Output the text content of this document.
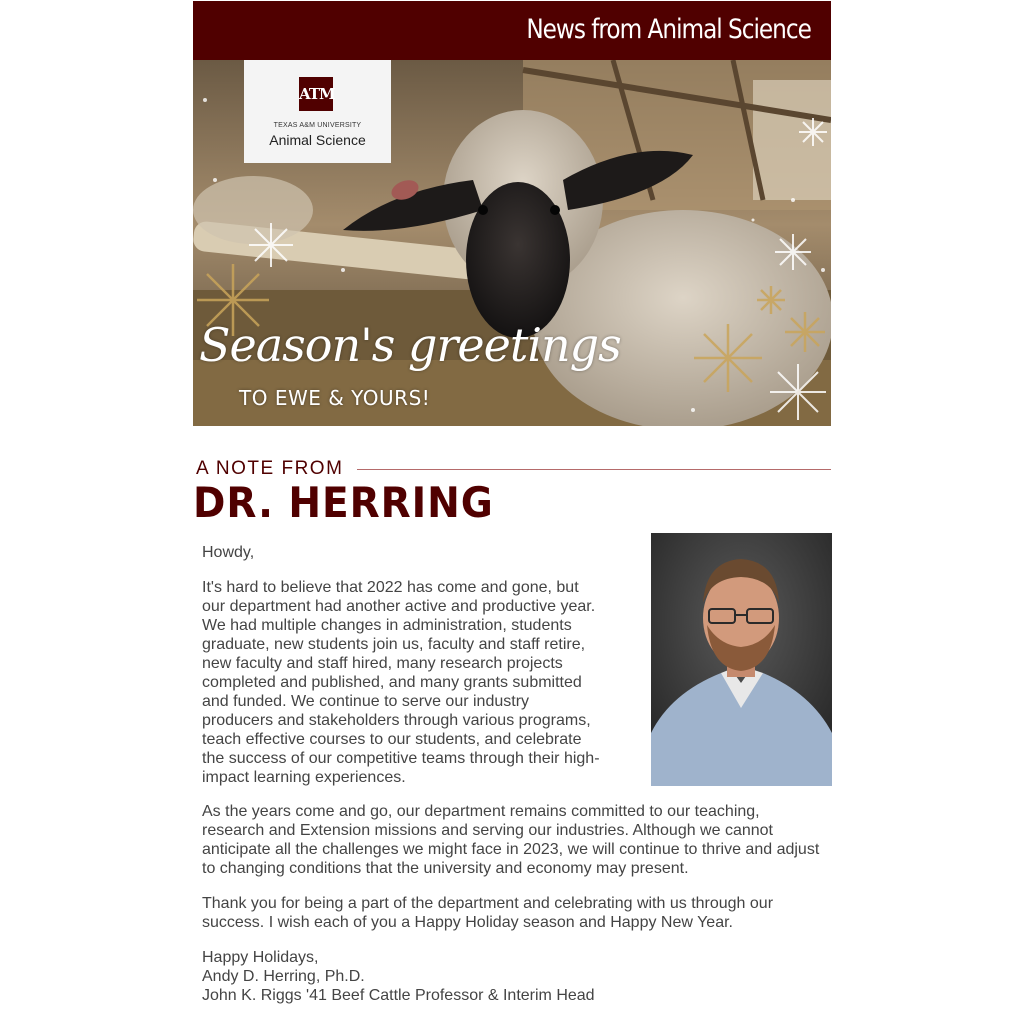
News from Animal Science
ATM
TEXAS A&M UNIVERSITY
Animal Science
Season's greetings
TO EWE & YOURS!
A NOTE FROM
DR. HERRING

Howdy,

It's hard to believe that 2022 has come and gone, but our department had another active and productive year. We had multiple changes in administration, students graduate, new students join us, faculty and staff retire, new faculty and staff hired, many research projects completed and published, and many grants submitted and funded. We continue to serve our industry producers and stakeholders through various programs, teach effective courses to our students, and celebrate the success of our competitive teams through their high-impact learning experiences.

As the years come and go, our department remains committed to our teaching, research and Extension missions and serving our industries. Although we cannot anticipate all the challenges we might face in 2023, we will continue to thrive and adjust to changing conditions that the university and economy may present.

Thank you for being a part of the department and celebrating with us through our success. I wish each of you a Happy Holiday season and Happy New Year.

Happy Holidays,
Andy D. Herring, Ph.D.
John K. Riggs '41 Beef Cattle Professor & Interim Head
